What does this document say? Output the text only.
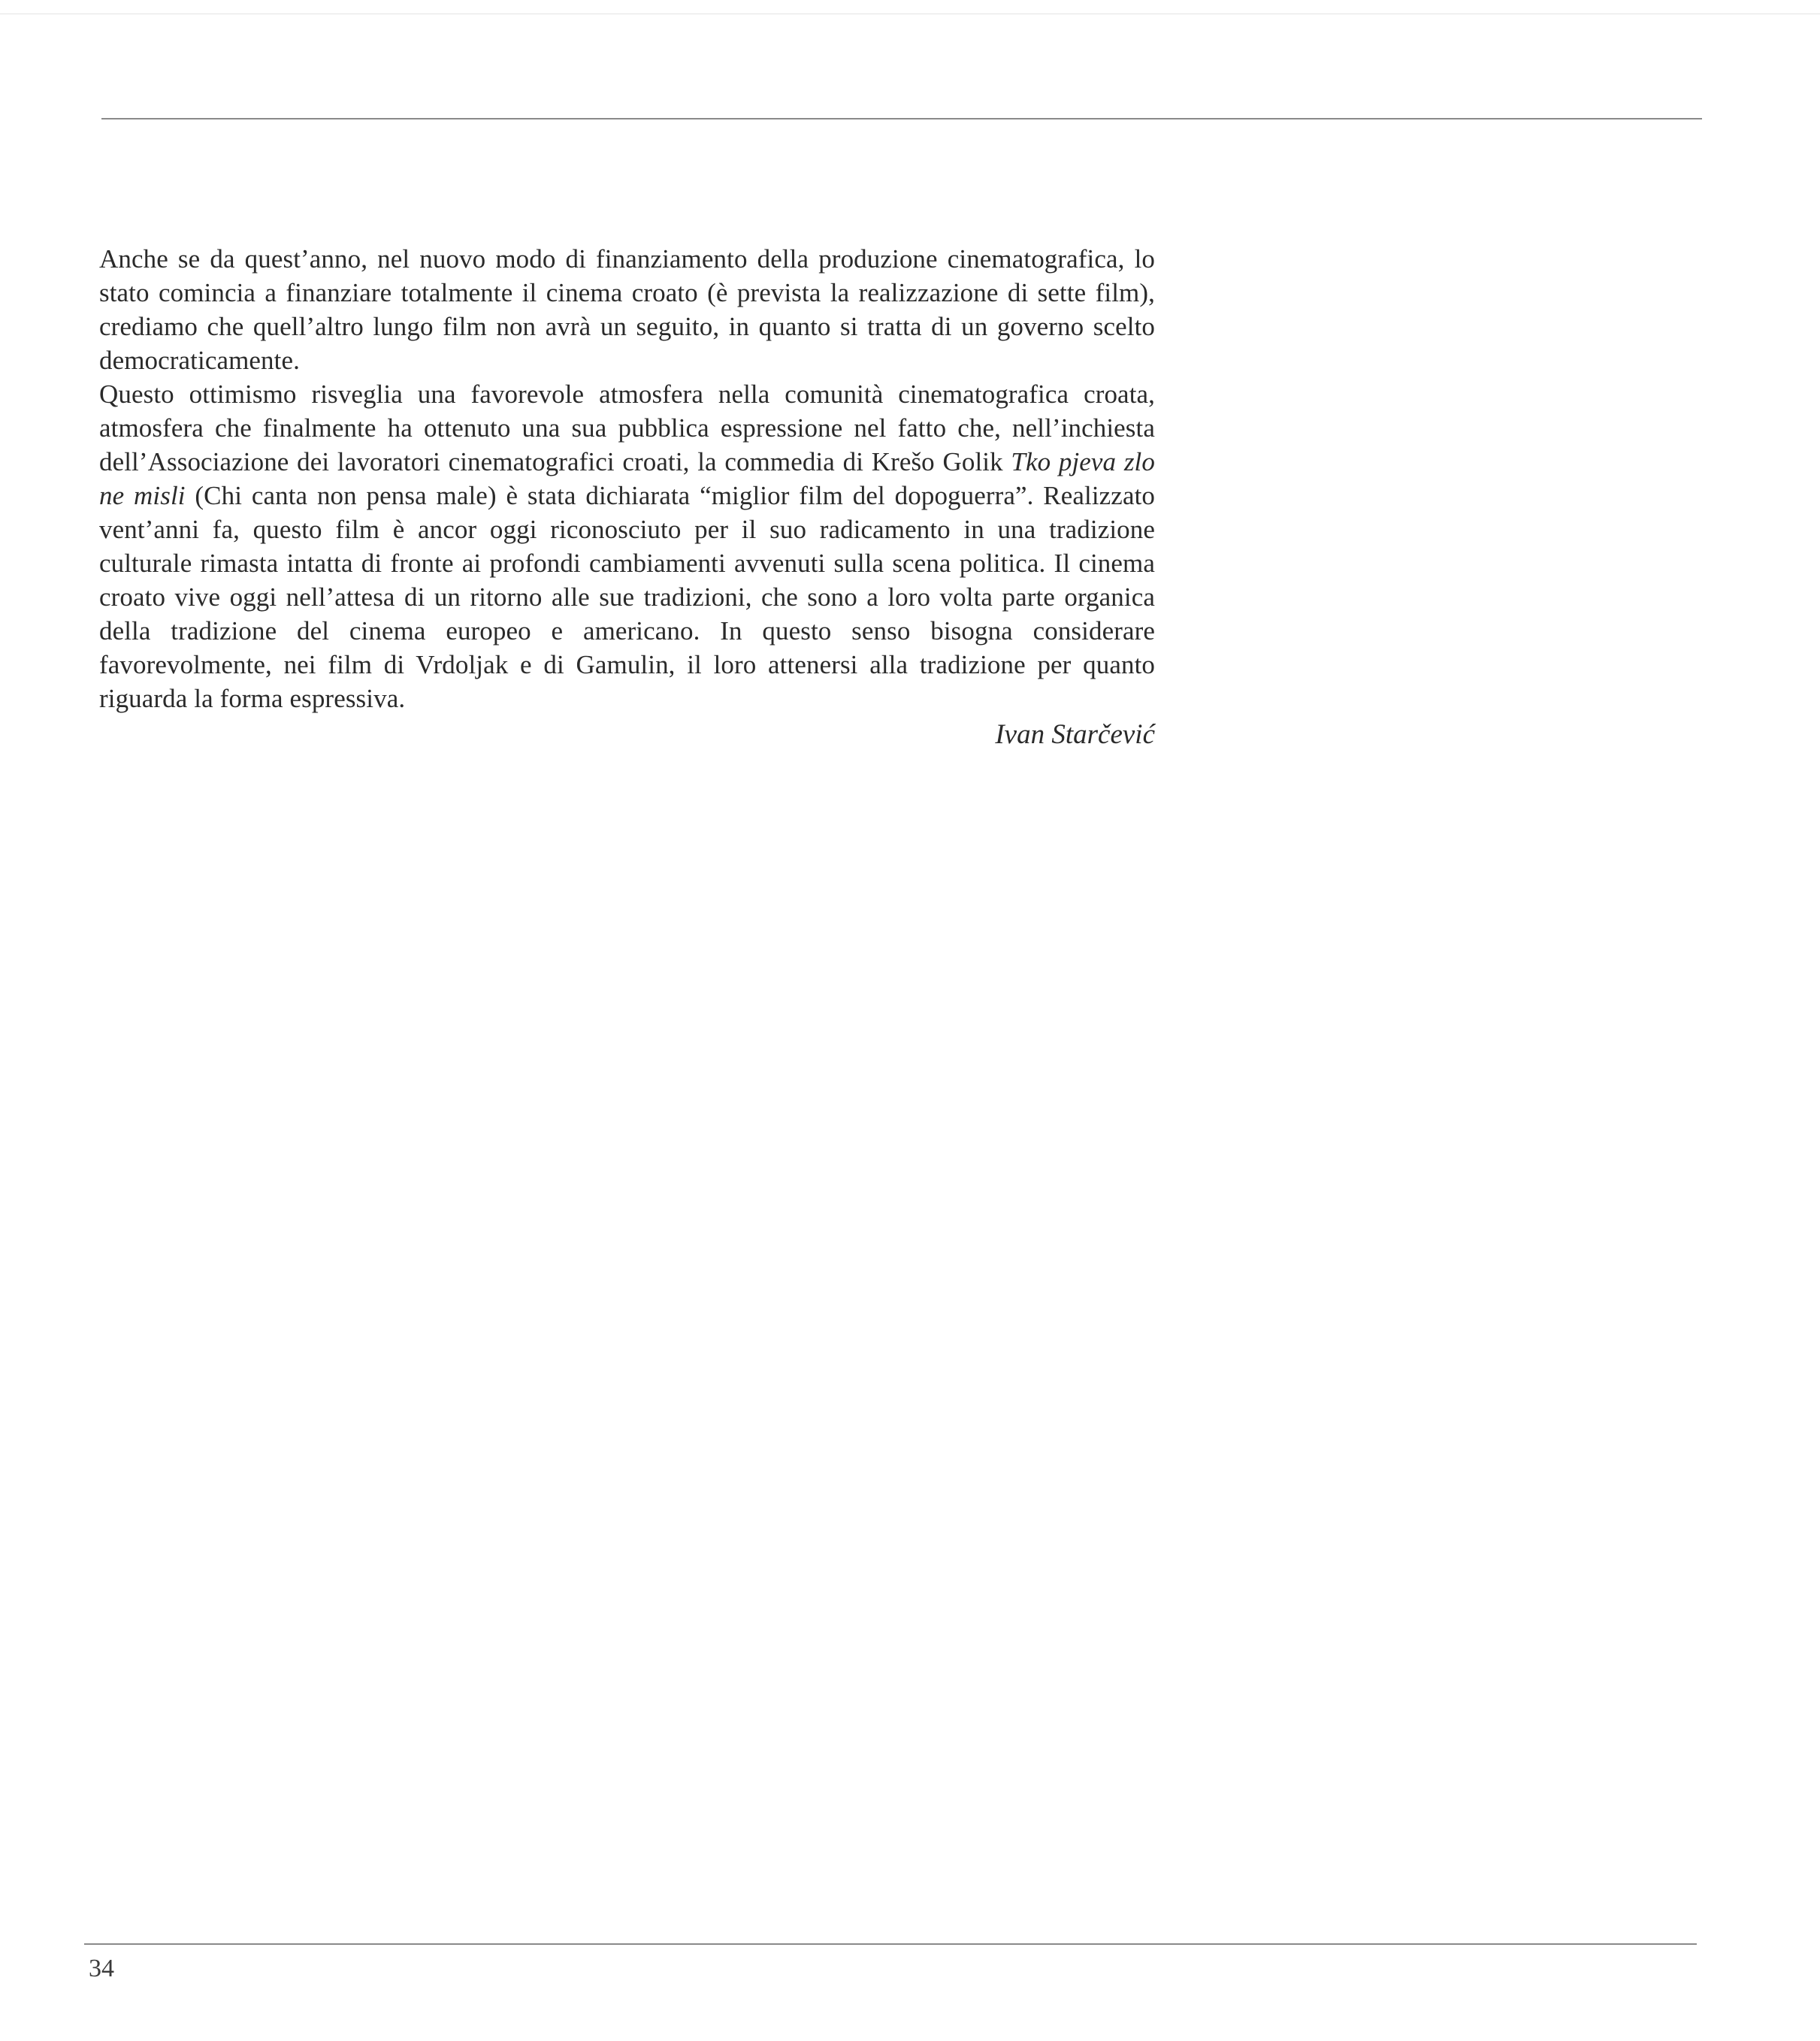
Anche se da quest’anno, nel nuovo modo di finanziamento della produzione cinematografica, lo stato comincia a finanziare totalmente il cinema croato (è prevista la realizzazione di sette film), crediamo che quell’altro lungo film non avrà un seguito, in quanto si tratta di un governo scelto democraticamente.

Questo ottimismo risveglia una favorevole atmosfera nella comunità cinematografica croata, atmosfera che finalmente ha ottenuto una sua pubblica espressione nel fatto che, nell’inchiesta dell’Associazione dei lavoratori cinematografici croati, la commedia di Krešo Golik Tko pjeva zlo ne misli (Chi canta non pensa male) è stata dichiarata “miglior film del dopoguerra”. Realizzato vent’anni fa, questo film è ancor oggi riconosciuto per il suo radicamento in una tradizione culturale rimasta intatta di fronte ai profondi cambiamenti avvenuti sulla scena politica. Il cinema croato vive oggi nell’attesa di un ritorno alle sue tradizioni, che sono a loro volta parte organica della tradizione del cinema europeo e americano. In questo senso bisogna considerare favorevolmente, nei film di Vrdoljak e di Gamulin, il loro attenersi alla tradizione per quanto riguarda la forma espressiva.

Ivan Starčević

34
